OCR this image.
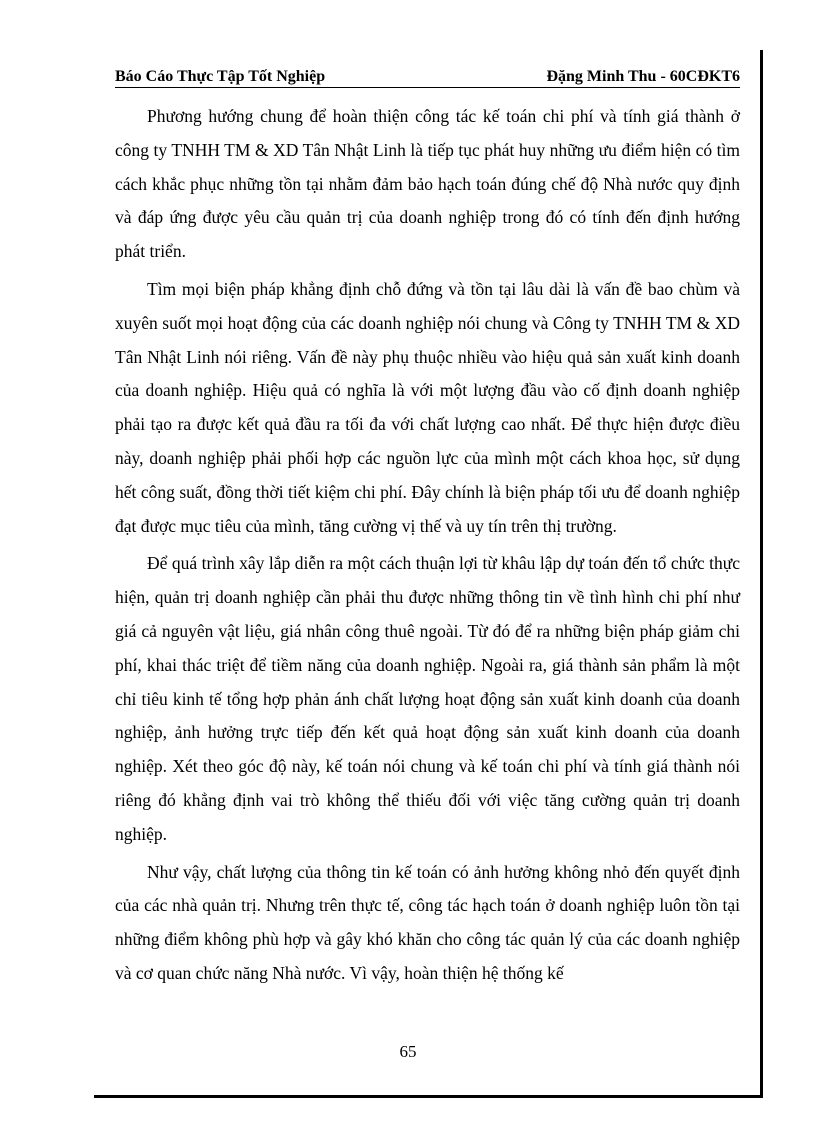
Báo Cáo Thực Tập Tốt Nghiệp	Đặng Minh Thu - 60CĐKT6

Phương hướng chung để hoàn thiện công tác kế toán chi phí và tính giá thành ở công ty TNHH TM & XD Tân Nhật Linh là tiếp tục phát huy những ưu điểm hiện có tìm cách khắc phục những tồn tại nhằm đảm bảo hạch toán đúng chế độ Nhà nước quy định và đáp ứng được yêu cầu quản trị của doanh nghiệp trong đó có tính đến định hướng phát triển.

Tìm mọi biện pháp khẳng định chỗ đứng và tồn tại lâu dài là vấn đề bao chùm và xuyên suốt mọi hoạt động của các doanh nghiệp nói chung và Công ty TNHH TM & XD Tân Nhật Linh nói riêng. Vấn đề này phụ thuộc nhiều vào hiệu quả sản xuất kinh doanh của doanh nghiệp. Hiệu quả có nghĩa là với một lượng đầu vào cố định doanh nghiệp phải tạo ra được kết quả đầu ra tối đa với chất lượng cao nhất. Để thực hiện được điều này, doanh nghiệp phải phối hợp các nguồn lực của mình một cách khoa học, sử dụng hết công suất, đồng thời tiết kiệm chi phí. Đây chính là biện pháp tối ưu để doanh nghiệp đạt được mục tiêu của mình, tăng cường vị thế và uy tín trên thị trường.

Để quá trình xây lắp diễn ra một cách thuận lợi từ khâu lập dự toán đến tổ chức thực hiện, quản trị doanh nghiệp cần phải thu được những thông tin về tình hình chi phí như giá cả nguyên vật liệu, giá nhân công thuê ngoài. Từ đó để ra những biện pháp giảm chi phí, khai thác triệt để tiềm năng của doanh nghiệp. Ngoài ra, giá thành sản phẩm là một chỉ tiêu kinh tế tổng hợp phản ánh chất lượng hoạt động sản xuất kinh doanh của doanh nghiệp, ảnh hưởng trực tiếp đến kết quả hoạt động sản xuất kinh doanh của doanh nghiệp. Xét theo góc độ này, kế toán nói chung và kế toán chi phí và tính giá thành nói riêng đó khẳng định vai trò không thể thiếu đối với việc tăng cường quản trị doanh nghiệp.

Như vậy, chất lượng của thông tin kế toán có ảnh hưởng không nhỏ đến quyết định của các nhà quản trị. Nhưng trên thực tế, công tác hạch toán ở doanh nghiệp luôn tồn tại những điểm không phù hợp và gây khó khăn cho công tác quản lý của các doanh nghiệp và cơ quan chức năng Nhà nước. Vì vậy, hoàn thiện hệ thống kế

65
